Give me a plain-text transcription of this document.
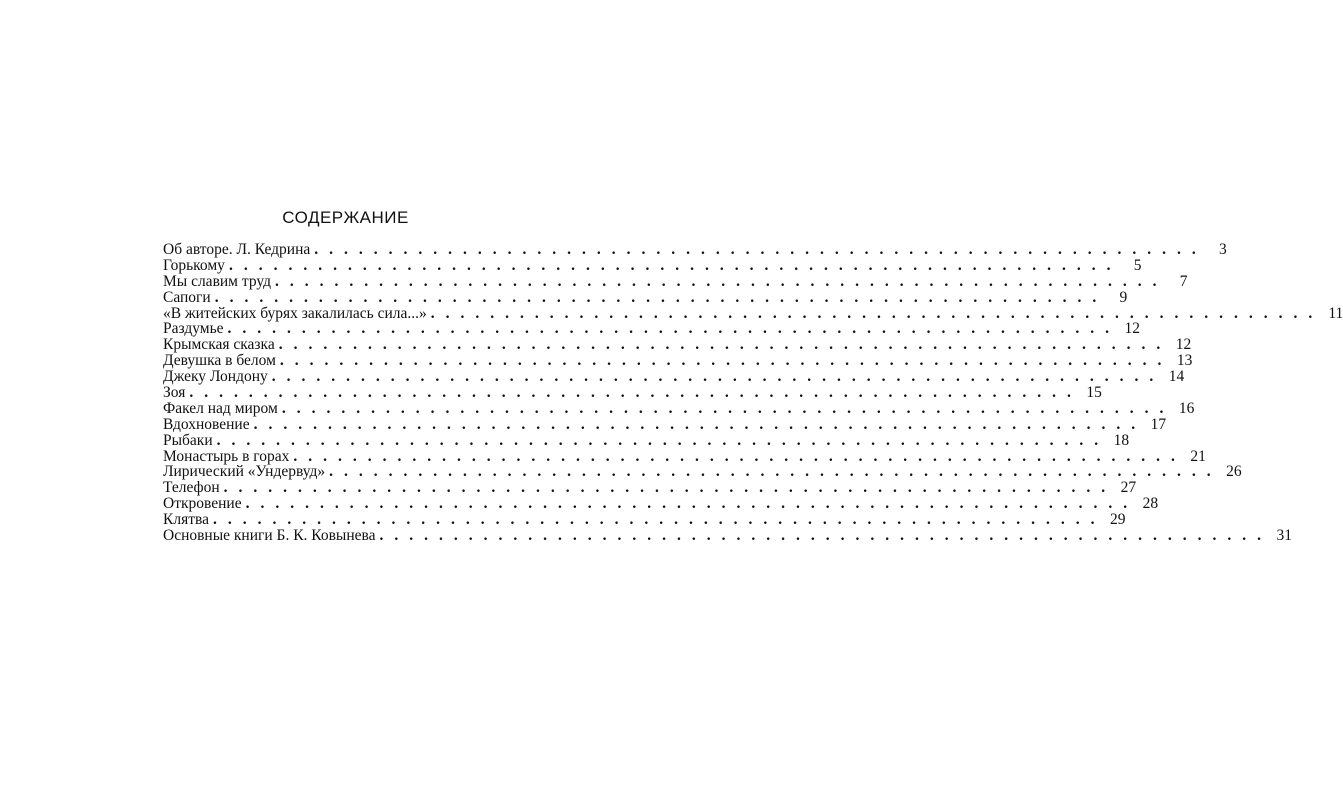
СОДЕРЖАНИЕ
Об авторе. Л. Кедрина ............................................................ 3
Горькому ............................................................ 5
Мы славим труд ............................................................ 7
Сапоги ............................................................ 9
«В житейских бурях закалилась сила...» ............................................................ 11
Раздумье ............................................................ 12
Крымская сказка ............................................................ 12
Девушка в белом ............................................................ 13
Джеку Лондону ............................................................ 14
Зоя ............................................................ 15
Факел над миром ............................................................ 16
Вдохновение ............................................................ 17
Рыбаки ............................................................ 18
Монастырь в горах ............................................................ 21
Лирический «Ундервуд» ............................................................ 26
Телефон ............................................................ 27
Откровение ............................................................ 28
Клятва ............................................................ 29
Основные книги Б. К. Ковынева ............................................................ 31
